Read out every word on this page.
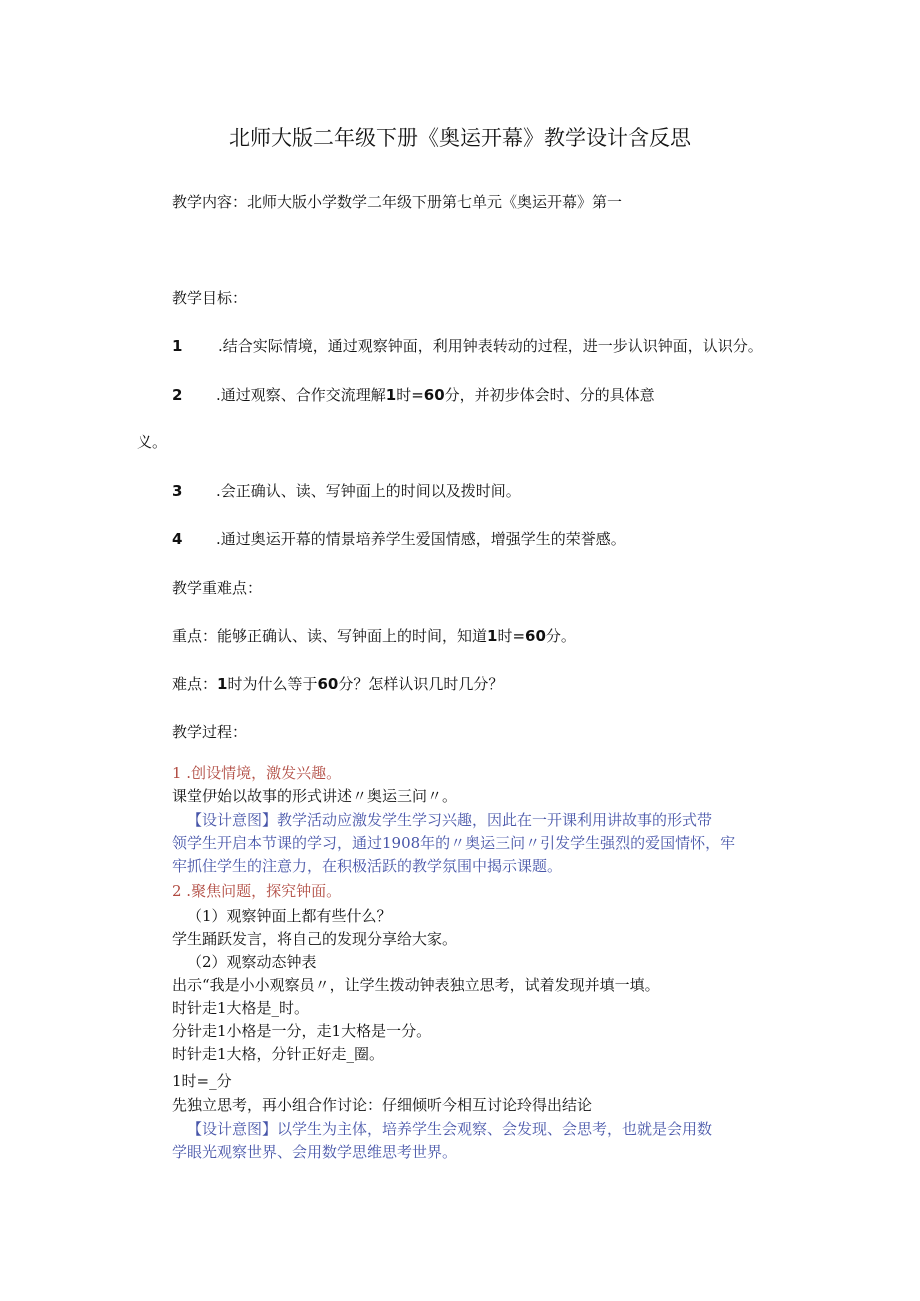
北师大版二年级下册《奥运开幕》教学设计含反思

教学内容：北师大版小学数学二年级下册第七单元《奥运开幕》第一

教学目标：

1 .结合实际情境，通过观察钟面，利用钟表转动的过程，进一步认识钟面，认识分。

2 .通过观察、合作交流理解1时=60分，并初步体会时、分的具体意

义。

3 .会正确认、读、写钟面上的时间以及拨时间。

4 .通过奥运开幕的情景培养学生爱国情感，增强学生的荣誉感。

教学重难点：

重点：能够正确认、读、写钟面上的时间，知道1时=60分。

难点：1时为什么等于60分？怎样认识几时几分？

教学过程：

1 .创设情境，激发兴趣。

课堂伊始以故事的形式讲述〃奥运三问〃。

【设计意图】教学活动应激发学生学习兴趣，因此在一开课利用讲故事的形式带

领学生开启本节课的学习，通过1908年的〃奥运三问〃引发学生强烈的爱国情怀，牢

牢抓住学生的注意力，在积极活跃的教学氛围中揭示课题。

2 .聚焦问题，探究钟面。

（1）观察钟面上都有些什么？

学生踊跃发言，将自己的发现分享给大家。

（2）观察动态钟表

出示“我是小小观察员〃，让学生拨动钟表独立思考，试着发现并填一填。

时针走1大格是_时。

分针走1小格是一分，走1大格是一分。

时针走1大格，分针正好走_圈。

1时=_分

先独立思考，再小组合作讨论：仔细倾听今相互讨论玲得出结论

【设计意图】以学生为主体，培养学生会观察、会发现、会思考，也就是会用数

学眼光观察世界、会用数学思维思考世界。
